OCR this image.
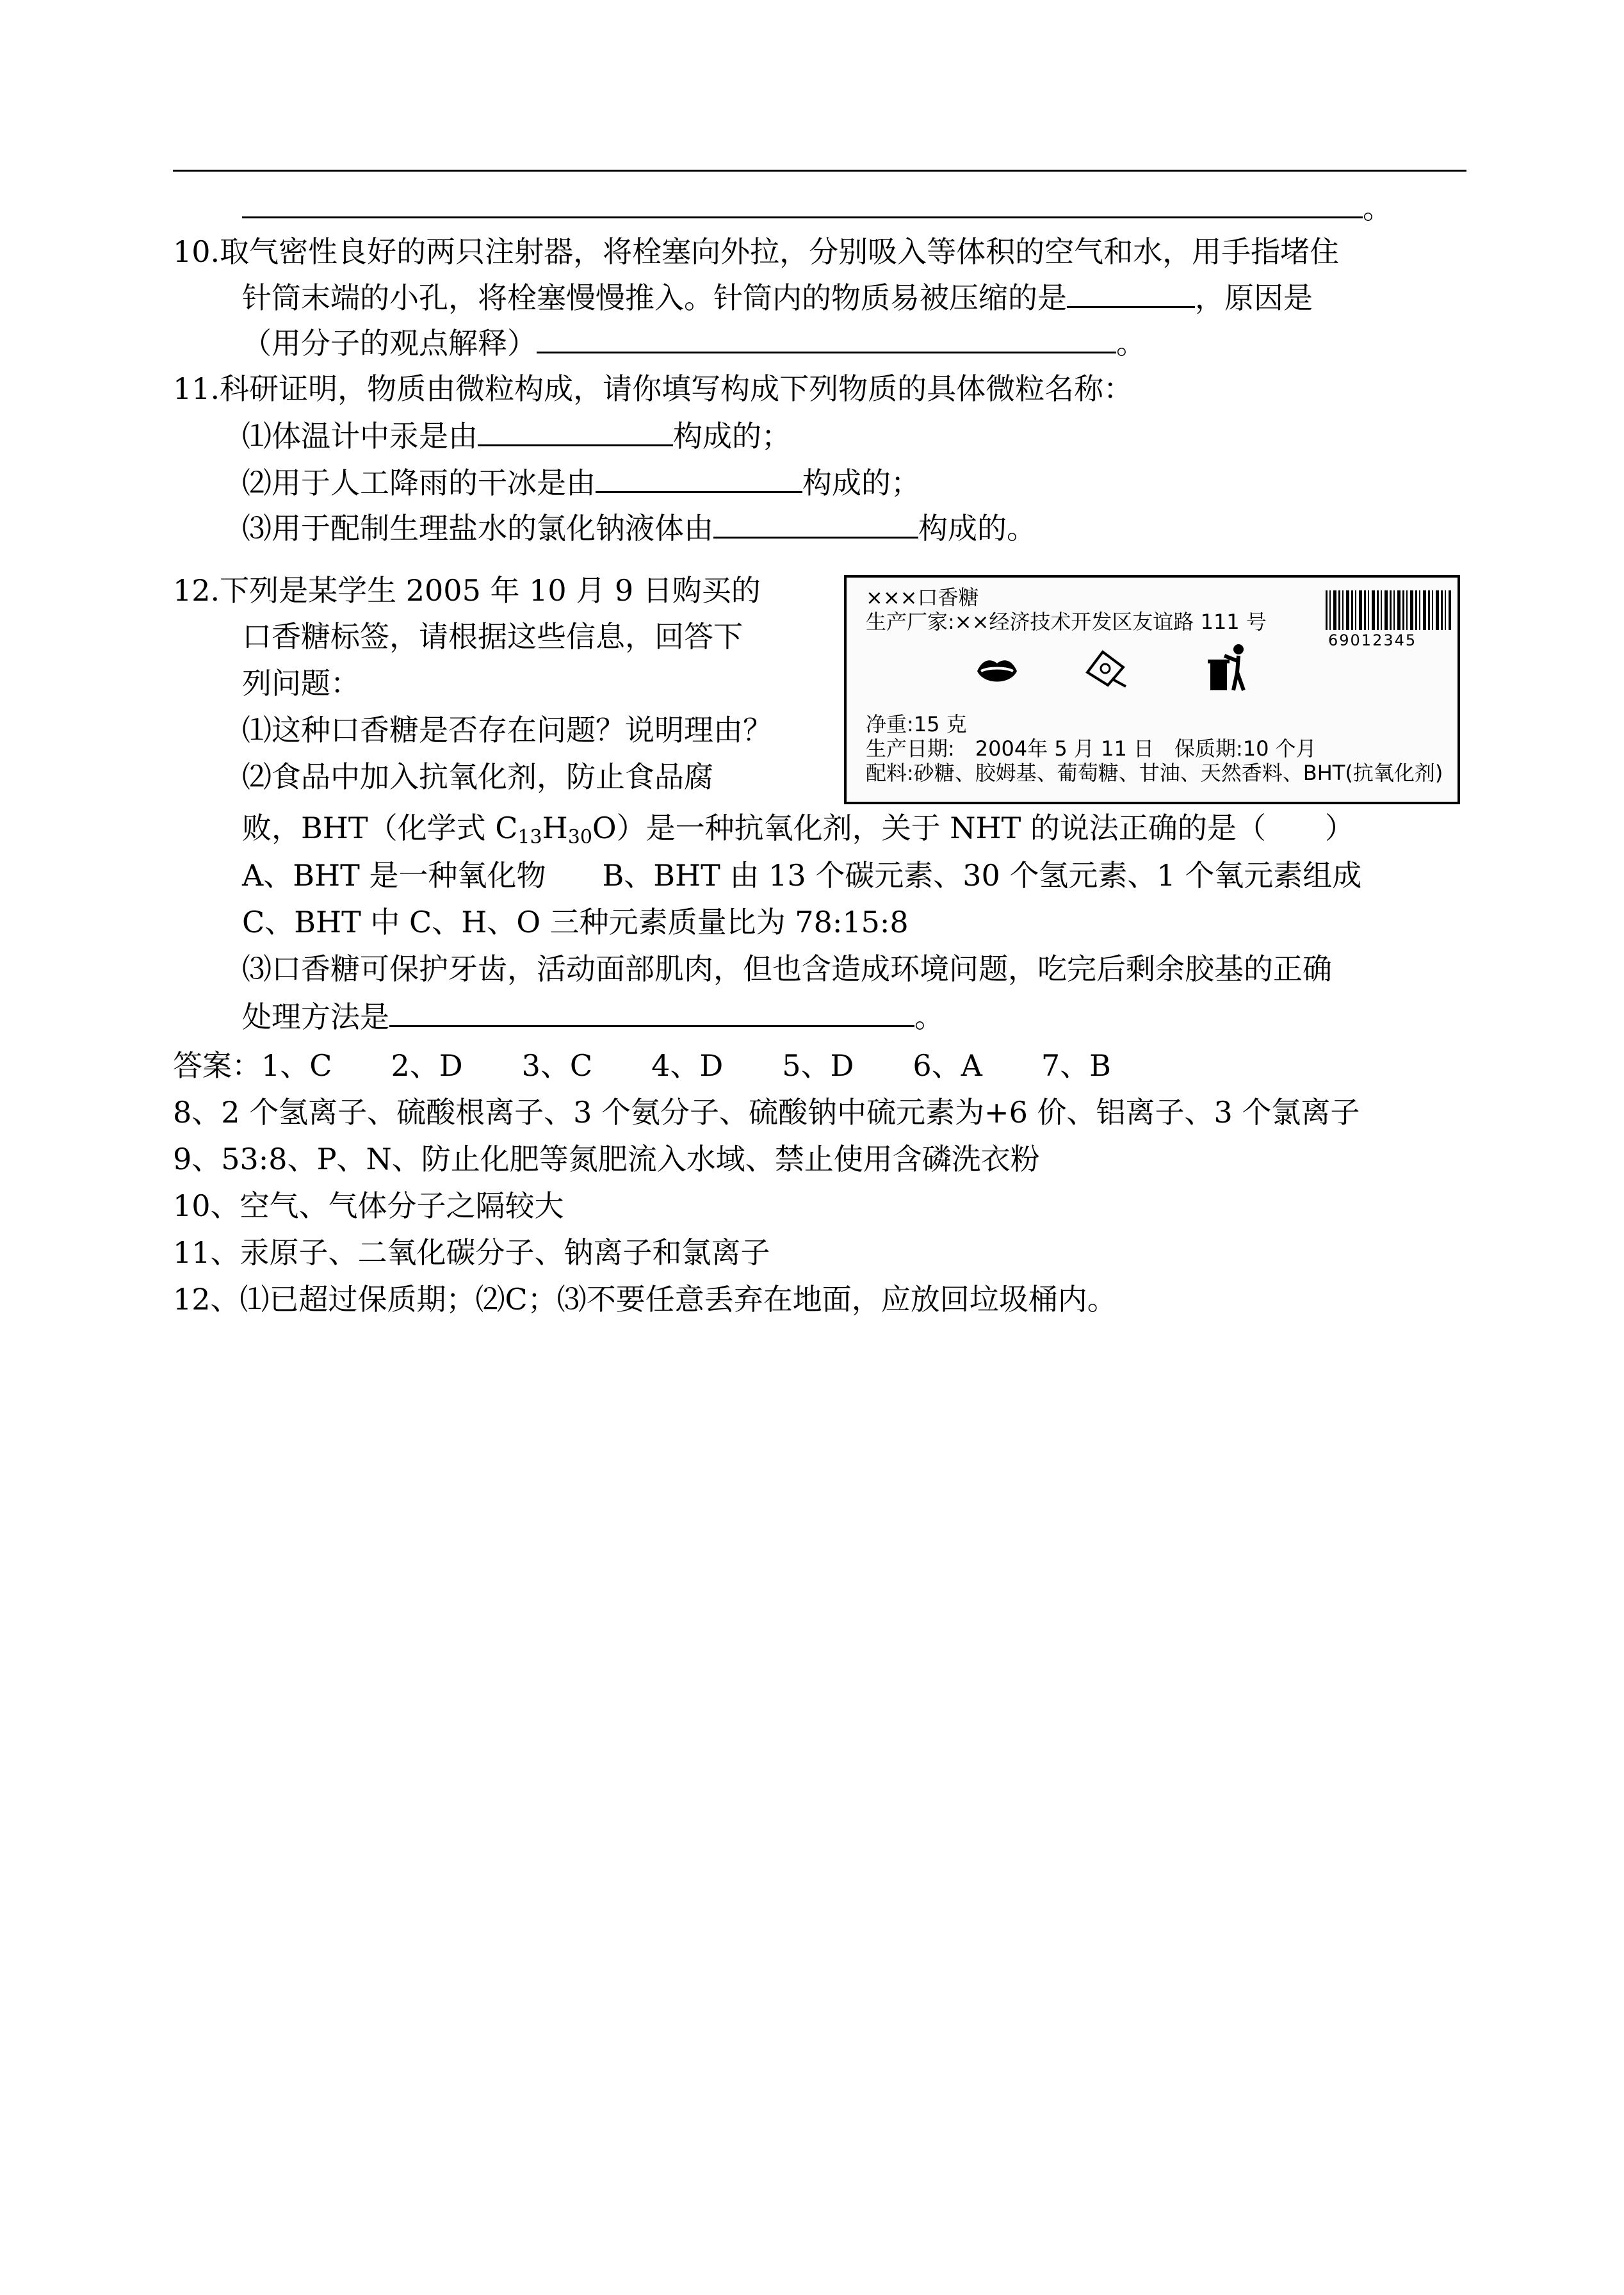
。
10.取气密性良好的两只注射器，将栓塞向外拉，分别吸入等体积的空气和水，用手指堵住
针筒末端的小孔，将栓塞慢慢推入。针筒内的物质易被压缩的是	，原因是
（用分子的观点解释）	。
11.科研证明，物质由微粒构成，请你填写构成下列物质的具体微粒名称：
⑴体温计中汞是由	构成的；
⑵用于人工降雨的干冰是由	构成的；
⑶用于配制生理盐水的氯化钠液体由	构成的。
12.下列是某学生 2005 年 10 月 9 日购买的
口香糖标签，请根据这些信息，回答下
列问题：
⑴这种口香糖是否存在问题？说明理由？
⑵食品中加入抗氧化剂，防止食品腐
败，BHT（化学式 $C_{13}H_{30}O$）是一种抗氧化剂，关于 NHT 的说法正确的是（　　）
A、BHT 是一种氧化物 B、BHT 由 13 个碳元素、30 个氢元素、1 个氧元素组成
C、BHT 中 C、H、O 三种元素质量比为 78:15:8
⑶口香糖可保护牙齿，活动面部肌肉，但也含造成环境问题，吃完后剩余胶基的正确
处理方法是	。
×××口香糖
生产厂家:××经济技术开发区友谊路 111 号
69012345
净重:15 克
生产日期:　2004年 5 月 11 日　保质期:10 个月
配料:砂糖、胶姆基、葡萄糖、甘油、天然香料、BHT(抗氧化剂)
答案：1、C　　2、D　　3、C　　4、D　　5、D　　6、A　　7、B
8、2 个氢离子、硫酸根离子、3 个氨分子、硫酸钠中硫元素为+6 价、铝离子、3 个氯离子
9、53:8、P、N、防止化肥等氮肥流入水域、禁止使用含磷洗衣粉
10、空气、气体分子之隔较大
11、汞原子、二氧化碳分子、钠离子和氯离子
12、⑴已超过保质期；⑵C；⑶不要任意丢弃在地面，应放回垃圾桶内。
